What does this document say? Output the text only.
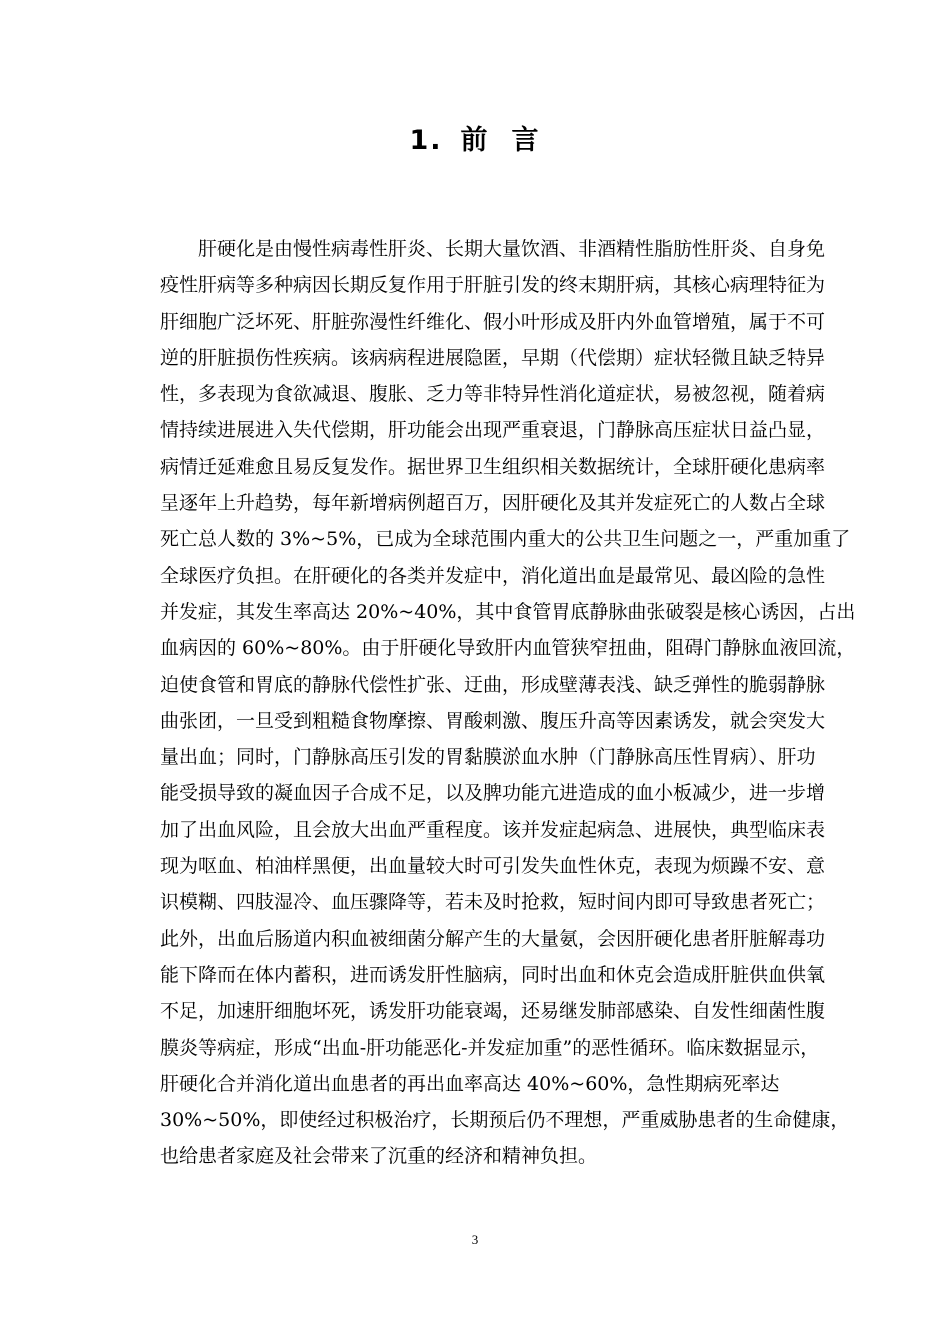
1. 前 言
肝硬化是由慢性病毒性肝炎、长期大量饮酒、非酒精性脂肪性肝炎、自身免
疫性肝病等多种病因长期反复作用于肝脏引发的终末期肝病，其核心病理特征为
肝细胞广泛坏死、肝脏弥漫性纤维化、假小叶形成及肝内外血管增殖，属于不可
逆的肝脏损伤性疾病。该病病程进展隐匿，早期（代偿期）症状轻微且缺乏特异
性，多表现为食欲减退、腹胀、乏力等非特异性消化道症状，易被忽视，随着病
情持续进展进入失代偿期，肝功能会出现严重衰退，门静脉高压症状日益凸显，
病情迁延难愈且易反复发作。据世界卫生组织相关数据统计，全球肝硬化患病率
呈逐年上升趋势，每年新增病例超百万，因肝硬化及其并发症死亡的人数占全球
死亡总人数的 3%~5%，已成为全球范围内重大的公共卫生问题之一，严重加重了
全球医疗负担。在肝硬化的各类并发症中，消化道出血是最常见、最凶险的急性
并发症，其发生率高达 20%~40%，其中食管胃底静脉曲张破裂是核心诱因，占出
血病因的 60%~80%。由于肝硬化导致肝内血管狭窄扭曲，阻碍门静脉血液回流，
迫使食管和胃底的静脉代偿性扩张、迂曲，形成壁薄表浅、缺乏弹性的脆弱静脉
曲张团，一旦受到粗糙食物摩擦、胃酸刺激、腹压升高等因素诱发，就会突发大
量出血；同时，门静脉高压引发的胃黏膜淤血水肿（门静脉高压性胃病）、肝功
能受损导致的凝血因子合成不足，以及脾功能亢进造成的血小板减少，进一步增
加了出血风险，且会放大出血严重程度。该并发症起病急、进展快，典型临床表
现为呕血、柏油样黑便，出血量较大时可引发失血性休克，表现为烦躁不安、意
识模糊、四肢湿冷、血压骤降等，若未及时抢救，短时间内即可导致患者死亡；
此外，出血后肠道内积血被细菌分解产生的大量氨，会因肝硬化患者肝脏解毒功
能下降而在体内蓄积，进而诱发肝性脑病，同时出血和休克会造成肝脏供血供氧
不足，加速肝细胞坏死，诱发肝功能衰竭，还易继发肺部感染、自发性细菌性腹
膜炎等病症，形成“出血-肝功能恶化-并发症加重”的恶性循环。临床数据显示，
肝硬化合并消化道出血患者的再出血率高达 40%~60%，急性期病死率达
30%~50%，即使经过积极治疗，长期预后仍不理想，严重威胁患者的生命健康，
也给患者家庭及社会带来了沉重的经济和精神负担。
3
